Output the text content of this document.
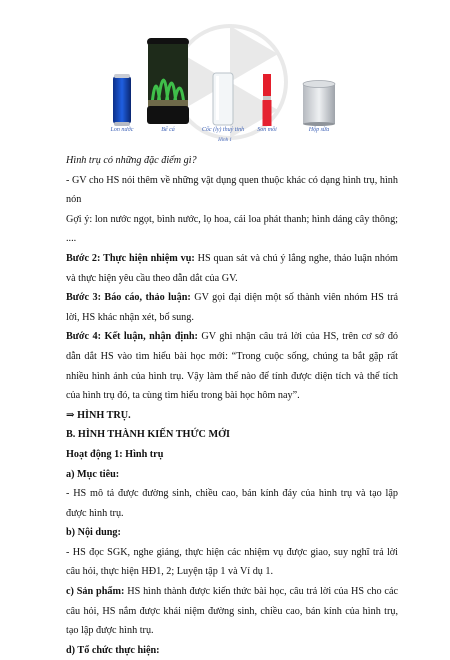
Lon nước	Bể cá	Cốc (ly) thuỷ tinh	Son môi	Hộp sữa
Hình 1

Hình trụ có những đặc điểm gì?

- GV cho HS nói thêm về những vật dụng quen thuộc khác có dạng hình trụ, hình nón

Gợi ý: lon nước ngọt, bình nước, lọ hoa, cái loa phát thanh; hình dáng cây thông; ....

Bước 2: Thực hiện nhiệm vụ: HS quan sát và chú ý lắng nghe, thảo luận nhóm và thực hiện yêu cầu theo dẫn dắt của GV.

Bước 3: Báo cáo, thảo luận: GV gọi đại diện một số thành viên nhóm HS trả lời, HS khác nhận xét, bổ sung.

Bước 4: Kết luận, nhận định: GV ghi nhận câu trả lời của HS, trên cơ sở đó dẫn dắt HS vào tìm hiểu bài học mới: “Trong cuộc sống, chúng ta bắt gặp rất nhiều hình ảnh của hình trụ. Vậy làm thế nào để tính được diện tích và thể tích của hình trụ đó, ta cùng tìm hiểu trong bài học hôm nay”.

⇒ HÌNH TRỤ.

B. HÌNH THÀNH KIẾN THỨC MỚI

Hoạt động 1: Hình trụ

a) Mục tiêu:

- HS mô tả được đường sinh, chiều cao, bán kính đáy của hình trụ và tạo lập được hình trụ.

b) Nội dung:

- HS đọc SGK, nghe giảng, thực hiện các nhiệm vụ được giao, suy nghĩ trả lời câu hỏi, thực hiện HĐ1, 2; Luyện tập 1 và Ví dụ 1.

c) Sản phẩm: HS hình thành được kiến thức bài học, câu trả lời của HS cho các câu hỏi, HS nắm được khái niệm đường sinh, chiều cao, bán kính của hình trụ, tạo lập được hình trụ.

d) Tổ chức thực hiện:
